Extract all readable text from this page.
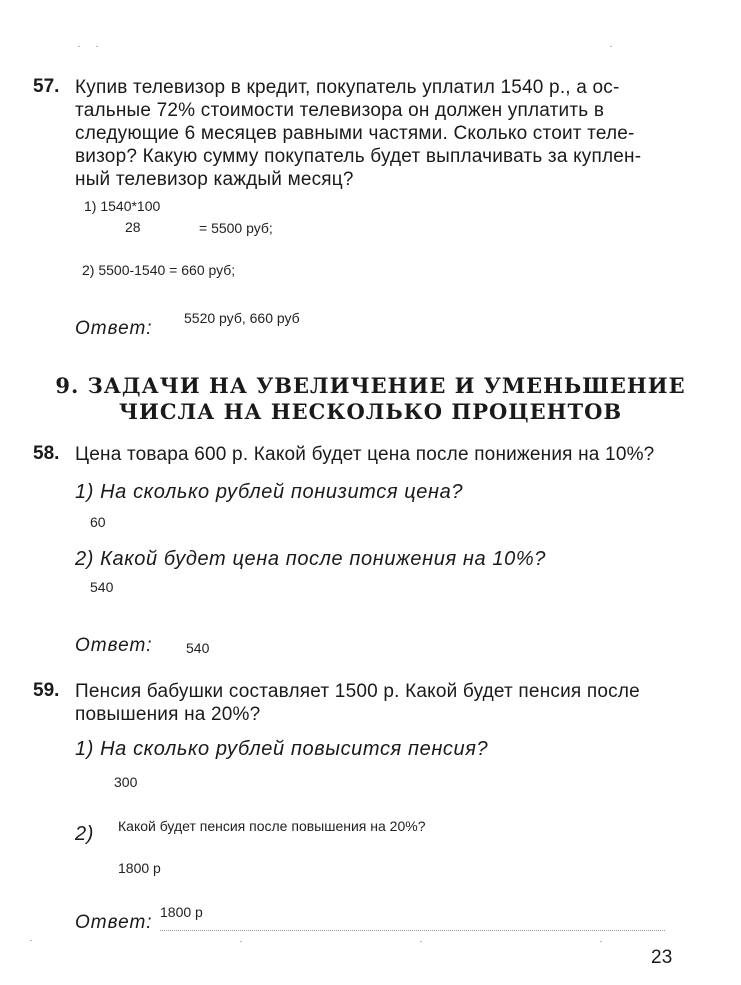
57. Купив телевизор в кредит, покупатель уплатил 1540 р., а ос-
тальные 72% стоимости телевизора он должен уплатить в
следующие 6 месяцев равными частями. Сколько стоит теле-
визор? Какую сумму покупатель будет выплачивать за куплен-
ный телевизор каждый месяц?
1) 1540*100
28	= 5500 руб;
2) 5500-1540 = 660 руб;
Ответ: 5520 руб, 660 руб
9. ЗАДАЧИ НА УВЕЛИЧЕНИЕ И УМЕНЬШЕНИЕ
ЧИСЛА НА НЕСКОЛЬКО ПРОЦЕНТОВ
58. Цена товара 600 р. Какой будет цена после понижения на 10%?
1) На сколько рублей понизится цена?
60
2) Какой будет цена после понижения на 10%?
540
Ответ: 540
59. Пенсия бабушки составляет 1500 р. Какой будет пенсия после
повышения на 20%?
1) На сколько рублей повысится пенсия?
300
2) Какой будет пенсия после повышения на 20%?
1800 р
Ответ: 1800 р
23
